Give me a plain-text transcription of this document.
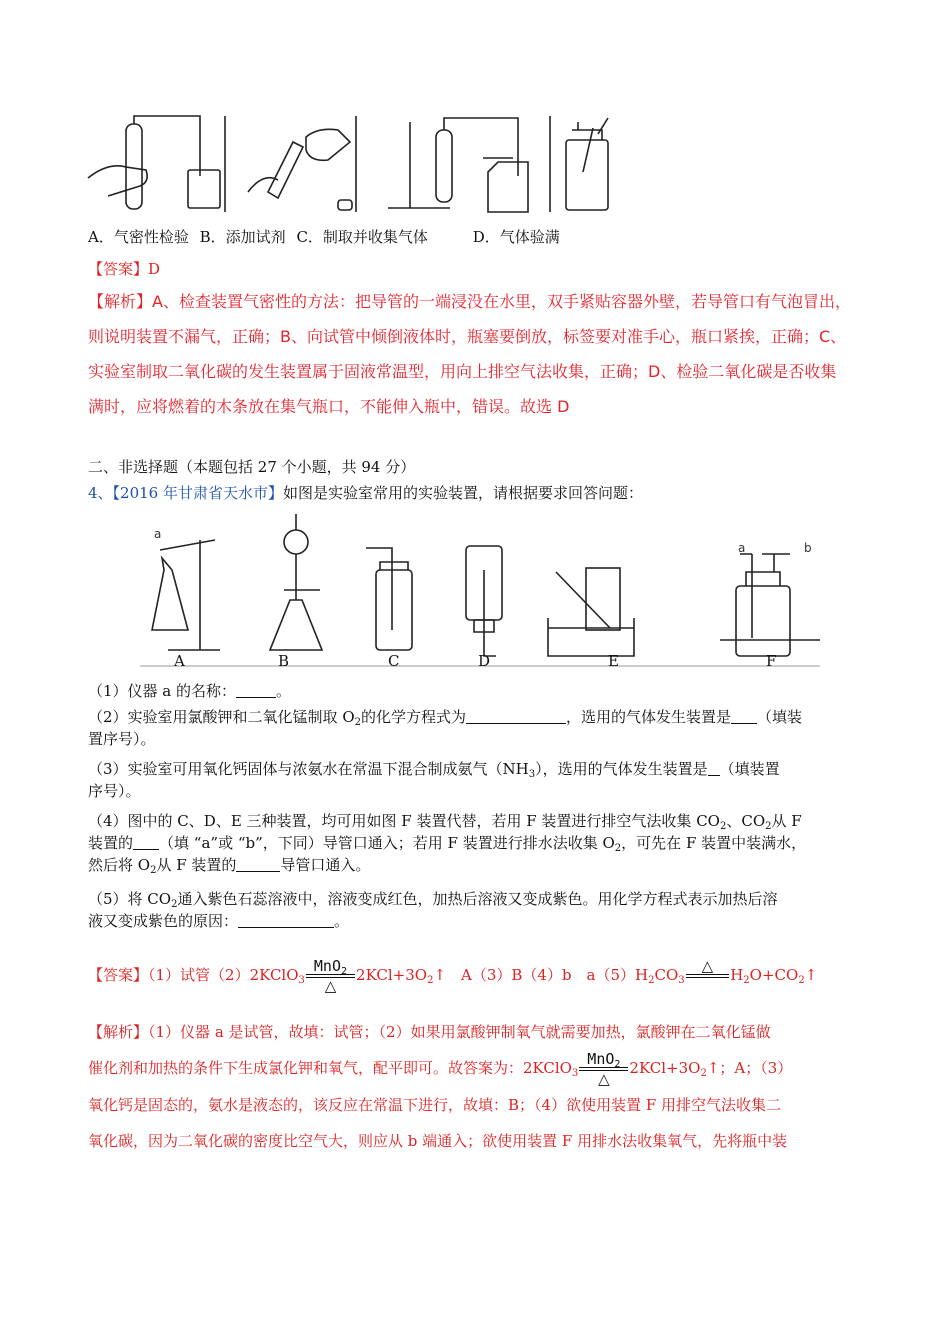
A．气密性检验 B．添加试剂 C．制取并收集气体	D．气体验满
【答案】D
【解析】A、检查装置气密性的方法：把导管的一端浸没在水里，双手紧贴容器外壁，若导管口有气泡冒出，
则说明装置不漏气，正确；B、向试管中倾倒液体时，瓶塞要倒放，标签要对准手心，瓶口紧挨，正确；C、
实验室制取二氧化碳的发生装置属于固液常温型，用向上排空气法收集，正确；D、检验二氧化碳是否收集
满时，应将燃着的木条放在集气瓶口，不能伸入瓶中，错误。故选 D
二、非选择题（本题包括 27 个小题，共 94 分）
4、【2016 年甘肃省天水市】如图是实验室常用的实验装置，请根据要求回答问题：
a
a	b
A	B	C	D	E	F
（1）仪器 a 的名称：	。
（2）实验室用氯酸钾和二氧化锰制取 $O_2$的化学方程式为	，选用的气体发生装置是 （填装
置序号）。
（3）实验室可用氧化钙固体与浓氨水在常温下混合制成氨气$(NH_3)$，选用的气体发生装置是 （填装置
序号）。
（4）图中的 C、D、E 三种装置，均可用如图 F 装置代替，若用 F 装置进行排空气法收集 $CO_2$、$CO_2$从 F
装置的 （填 “a”或 “b”，下同）导管口通入；若用 F 装置进行排水法收集 $O_2$，可先在 F 装置中装满水，
然后将 $O_2$从 F 装置的	导管口通入。
（5）将 $CO_2$通入紫色石蕊溶液中，溶液变成红色，加热后溶液又变成紫色。用化学方程式表示加热后溶
液又变成紫色的原因：	。
【答案】（1）试管（2）2KClO$_3$ $\frac{MnO_2}{\triangle}$ $2KCl+3O_2↑$　A（3）B（4）b　$a(5)H_2CO_3$
△
	$H_2O+CO_2↑$
【解析】（1）仪器 a 是试管，故填：试管；（2）如果用氯酸钾制氧气就需要加热，氯酸钾在二氧化锰做
催化剂和加热的条件下生成氯化钾和氧气，配平即可。故答案为：2KClO$_3$ $\frac{MnO_2}{\triangle}$ $2KCl+3O_2↑$；A；（3）
氧化钙是固态的，氨水是液态的，该反应在常温下进行，故填：B；（4）欲使用装置 F 用排空气法收集二
氧化碳，因为二氧化碳的密度比空气大，则应从 b 端通入；欲使用装置 F 用排水法收集氧气，先将瓶中装
